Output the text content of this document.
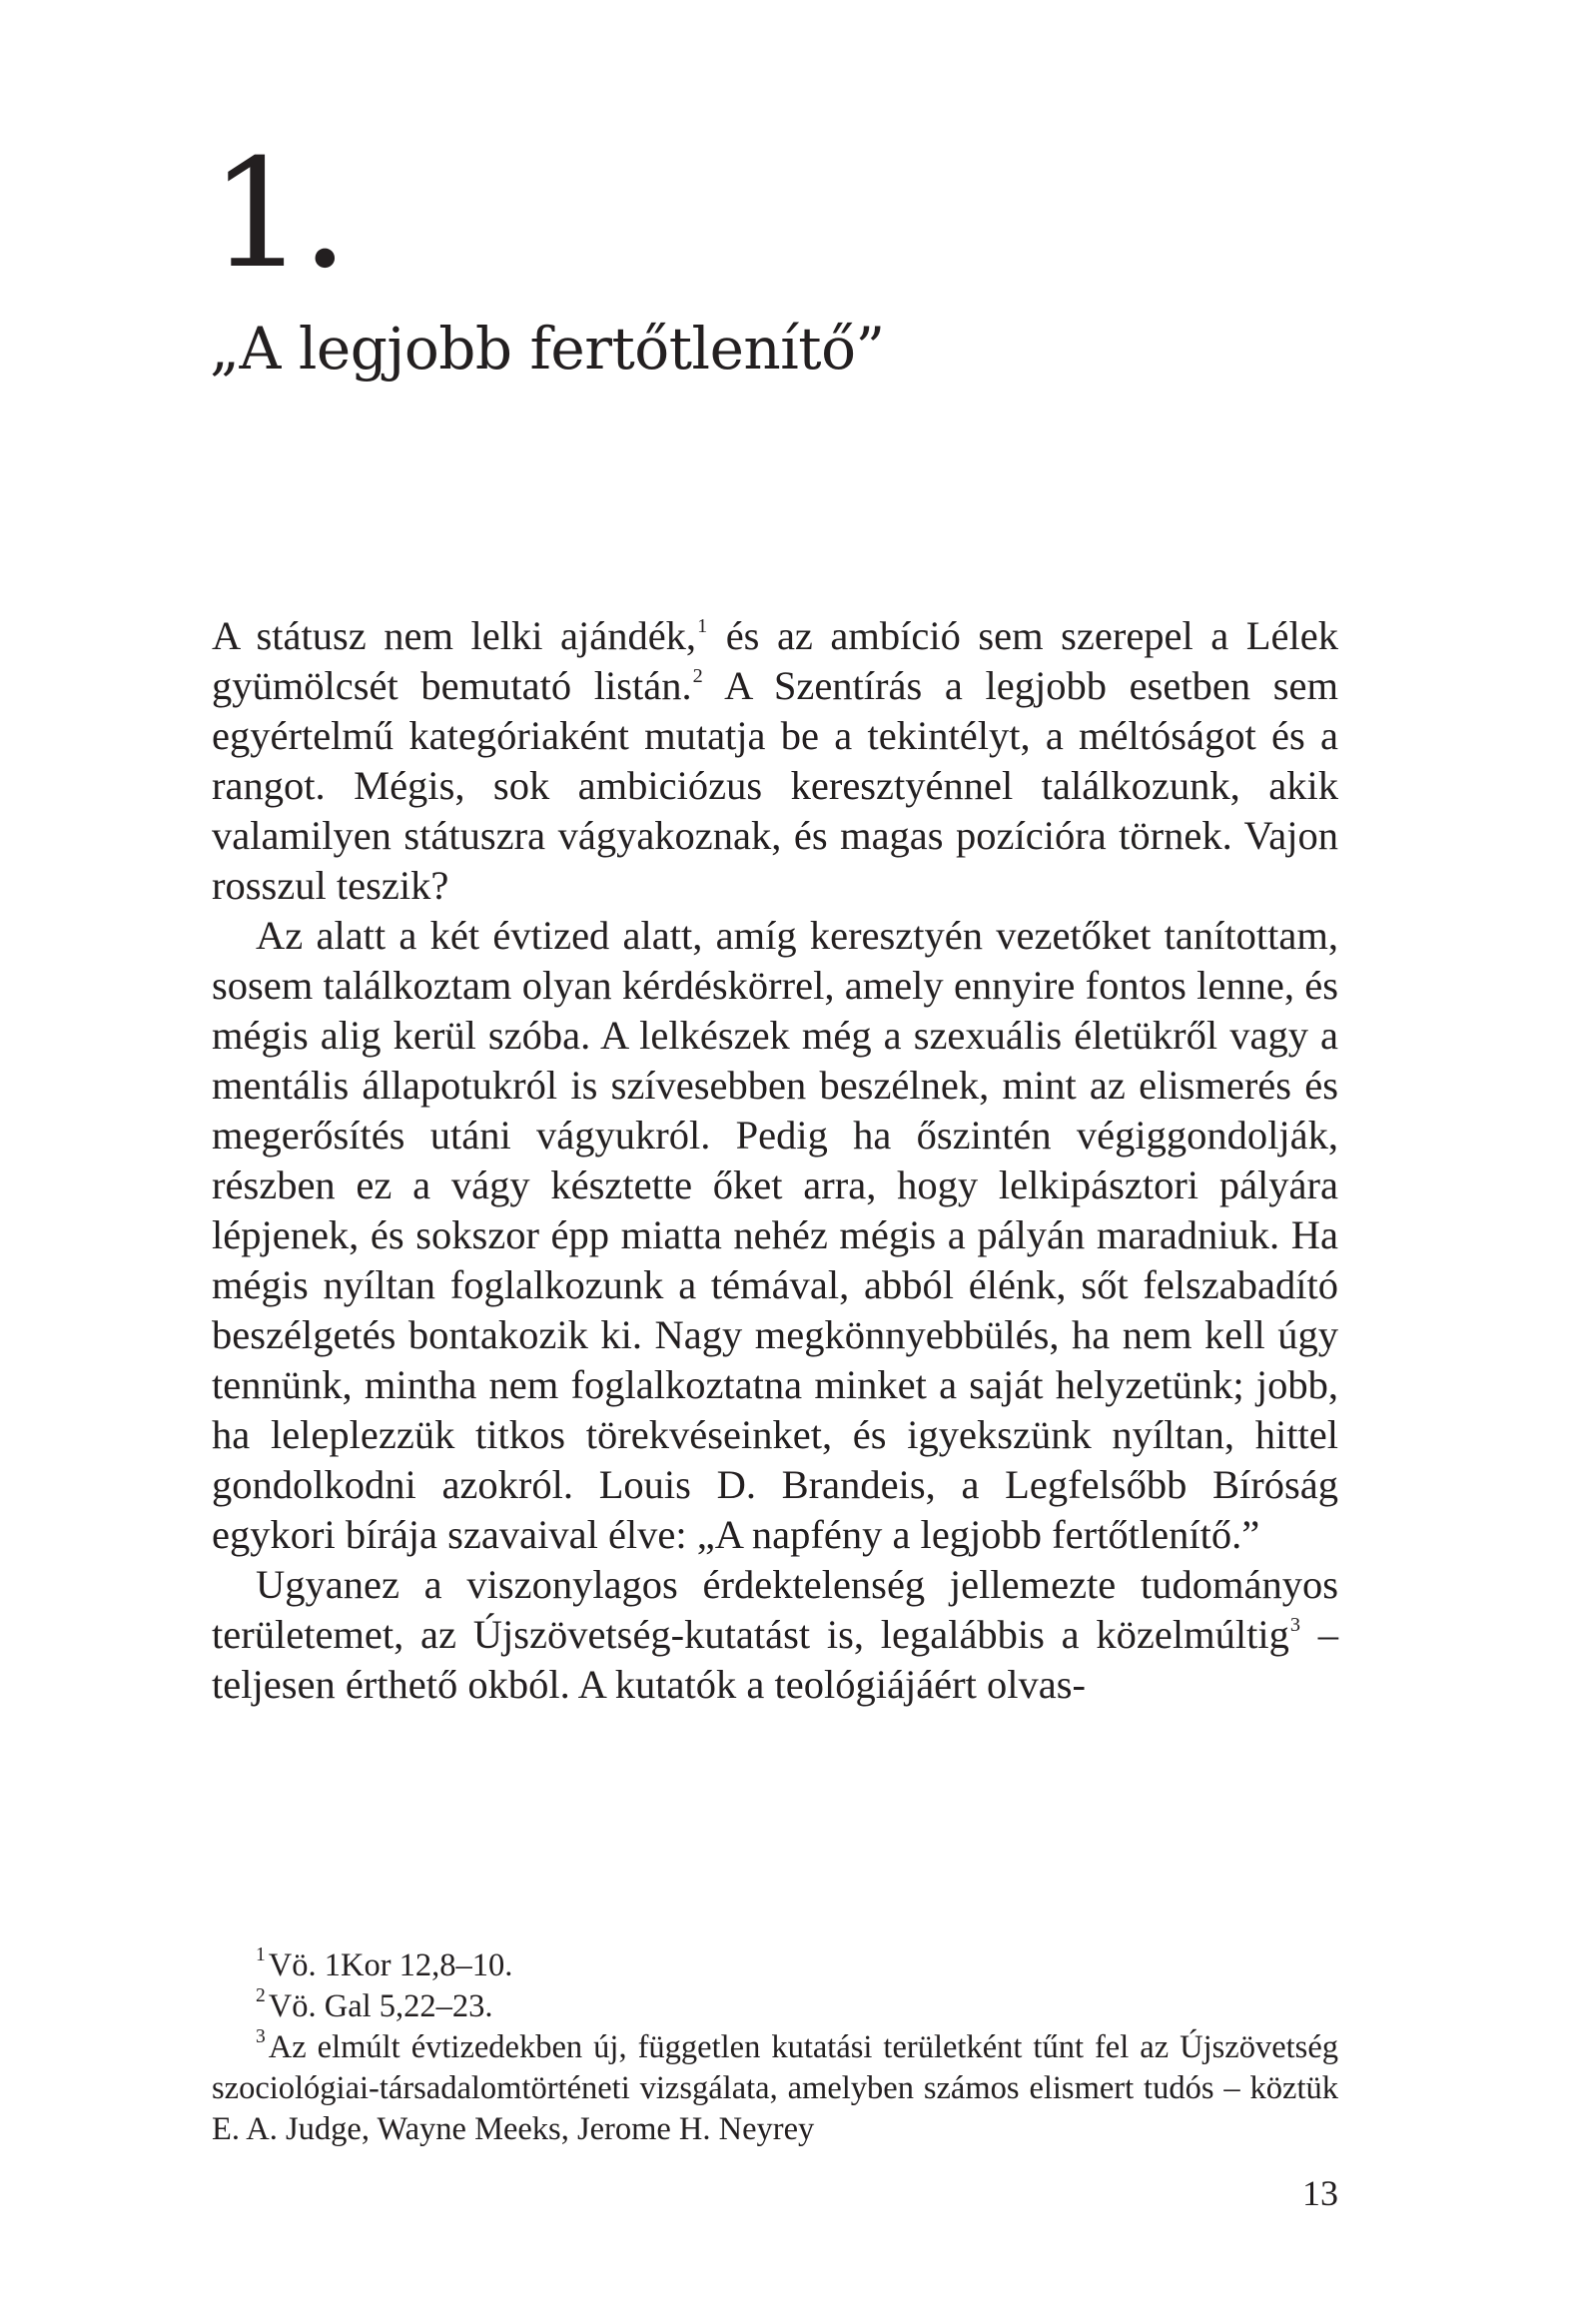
1.
„A legjobb fertőtlenítő”

A státusz nem lelki ajándék,$^1$ és az ambíció sem szerepel a Lélek gyümölcsét bemutató listán.$^2$ A Szentírás a legjobb esetben sem egyértelmű kategóriaként mutatja be a tekintélyt, a méltóságot és a rangot. Mégis, sok ambiciózus keresztyénnel találkozunk, akik valamilyen státuszra vágyakoznak, és magas pozícióra törnek. Vajon rosszul teszik?

Az alatt a két évtized alatt, amíg keresztyén vezetőket tanítottam, sosem találkoztam olyan kérdéskörrel, amely ennyire fontos lenne, és mégis alig kerül szóba. A lelkészek még a szexuális életükről vagy a mentális állapotukról is szívesebben beszélnek, mint az elismerés és megerősítés utáni vágyukról. Pedig ha őszintén végiggondolják, részben ez a vágy késztette őket arra, hogy lelkipásztori pályára lépjenek, és sokszor épp miatta nehéz mégis a pályán maradniuk. Ha mégis nyíltan foglalkozunk a témával, abból élénk, sőt felszabadító beszélgetés bontakozik ki. Nagy megkönnyebbülés, ha nem kell úgy tennünk, mintha nem foglalkoztatna minket a saját helyzetünk; jobb, ha leleplezzük titkos törekvéseinket, és igyekszünk nyíltan, hittel gondolkodni azokról. Louis D. Brandeis, a Legfelsőbb Bíróság egykori bírája szavaival élve: „A napfény a legjobb fertőtlenítő.”

Ugyanez a viszonylagos érdektelenség jellemezte tudományos területemet, az Újszövetség-kutatást is, legalábbis a közelmúltig$^3$ – teljesen érthető okból. A kutatók a teológiájáért olvas-

$^1$Vö. 1Kor 12,8–10.

$^2$Vö. Gal 5,22–23.

$^3$Az elmúlt évtizedekben új, független kutatási területként tűnt fel az Újszövetség szociológiai-társadalomtörténeti vizsgálata, amelyben számos elismert tudós – köztük E. A. Judge, Wayne Meeks, Jerome H. Neyrey

13
